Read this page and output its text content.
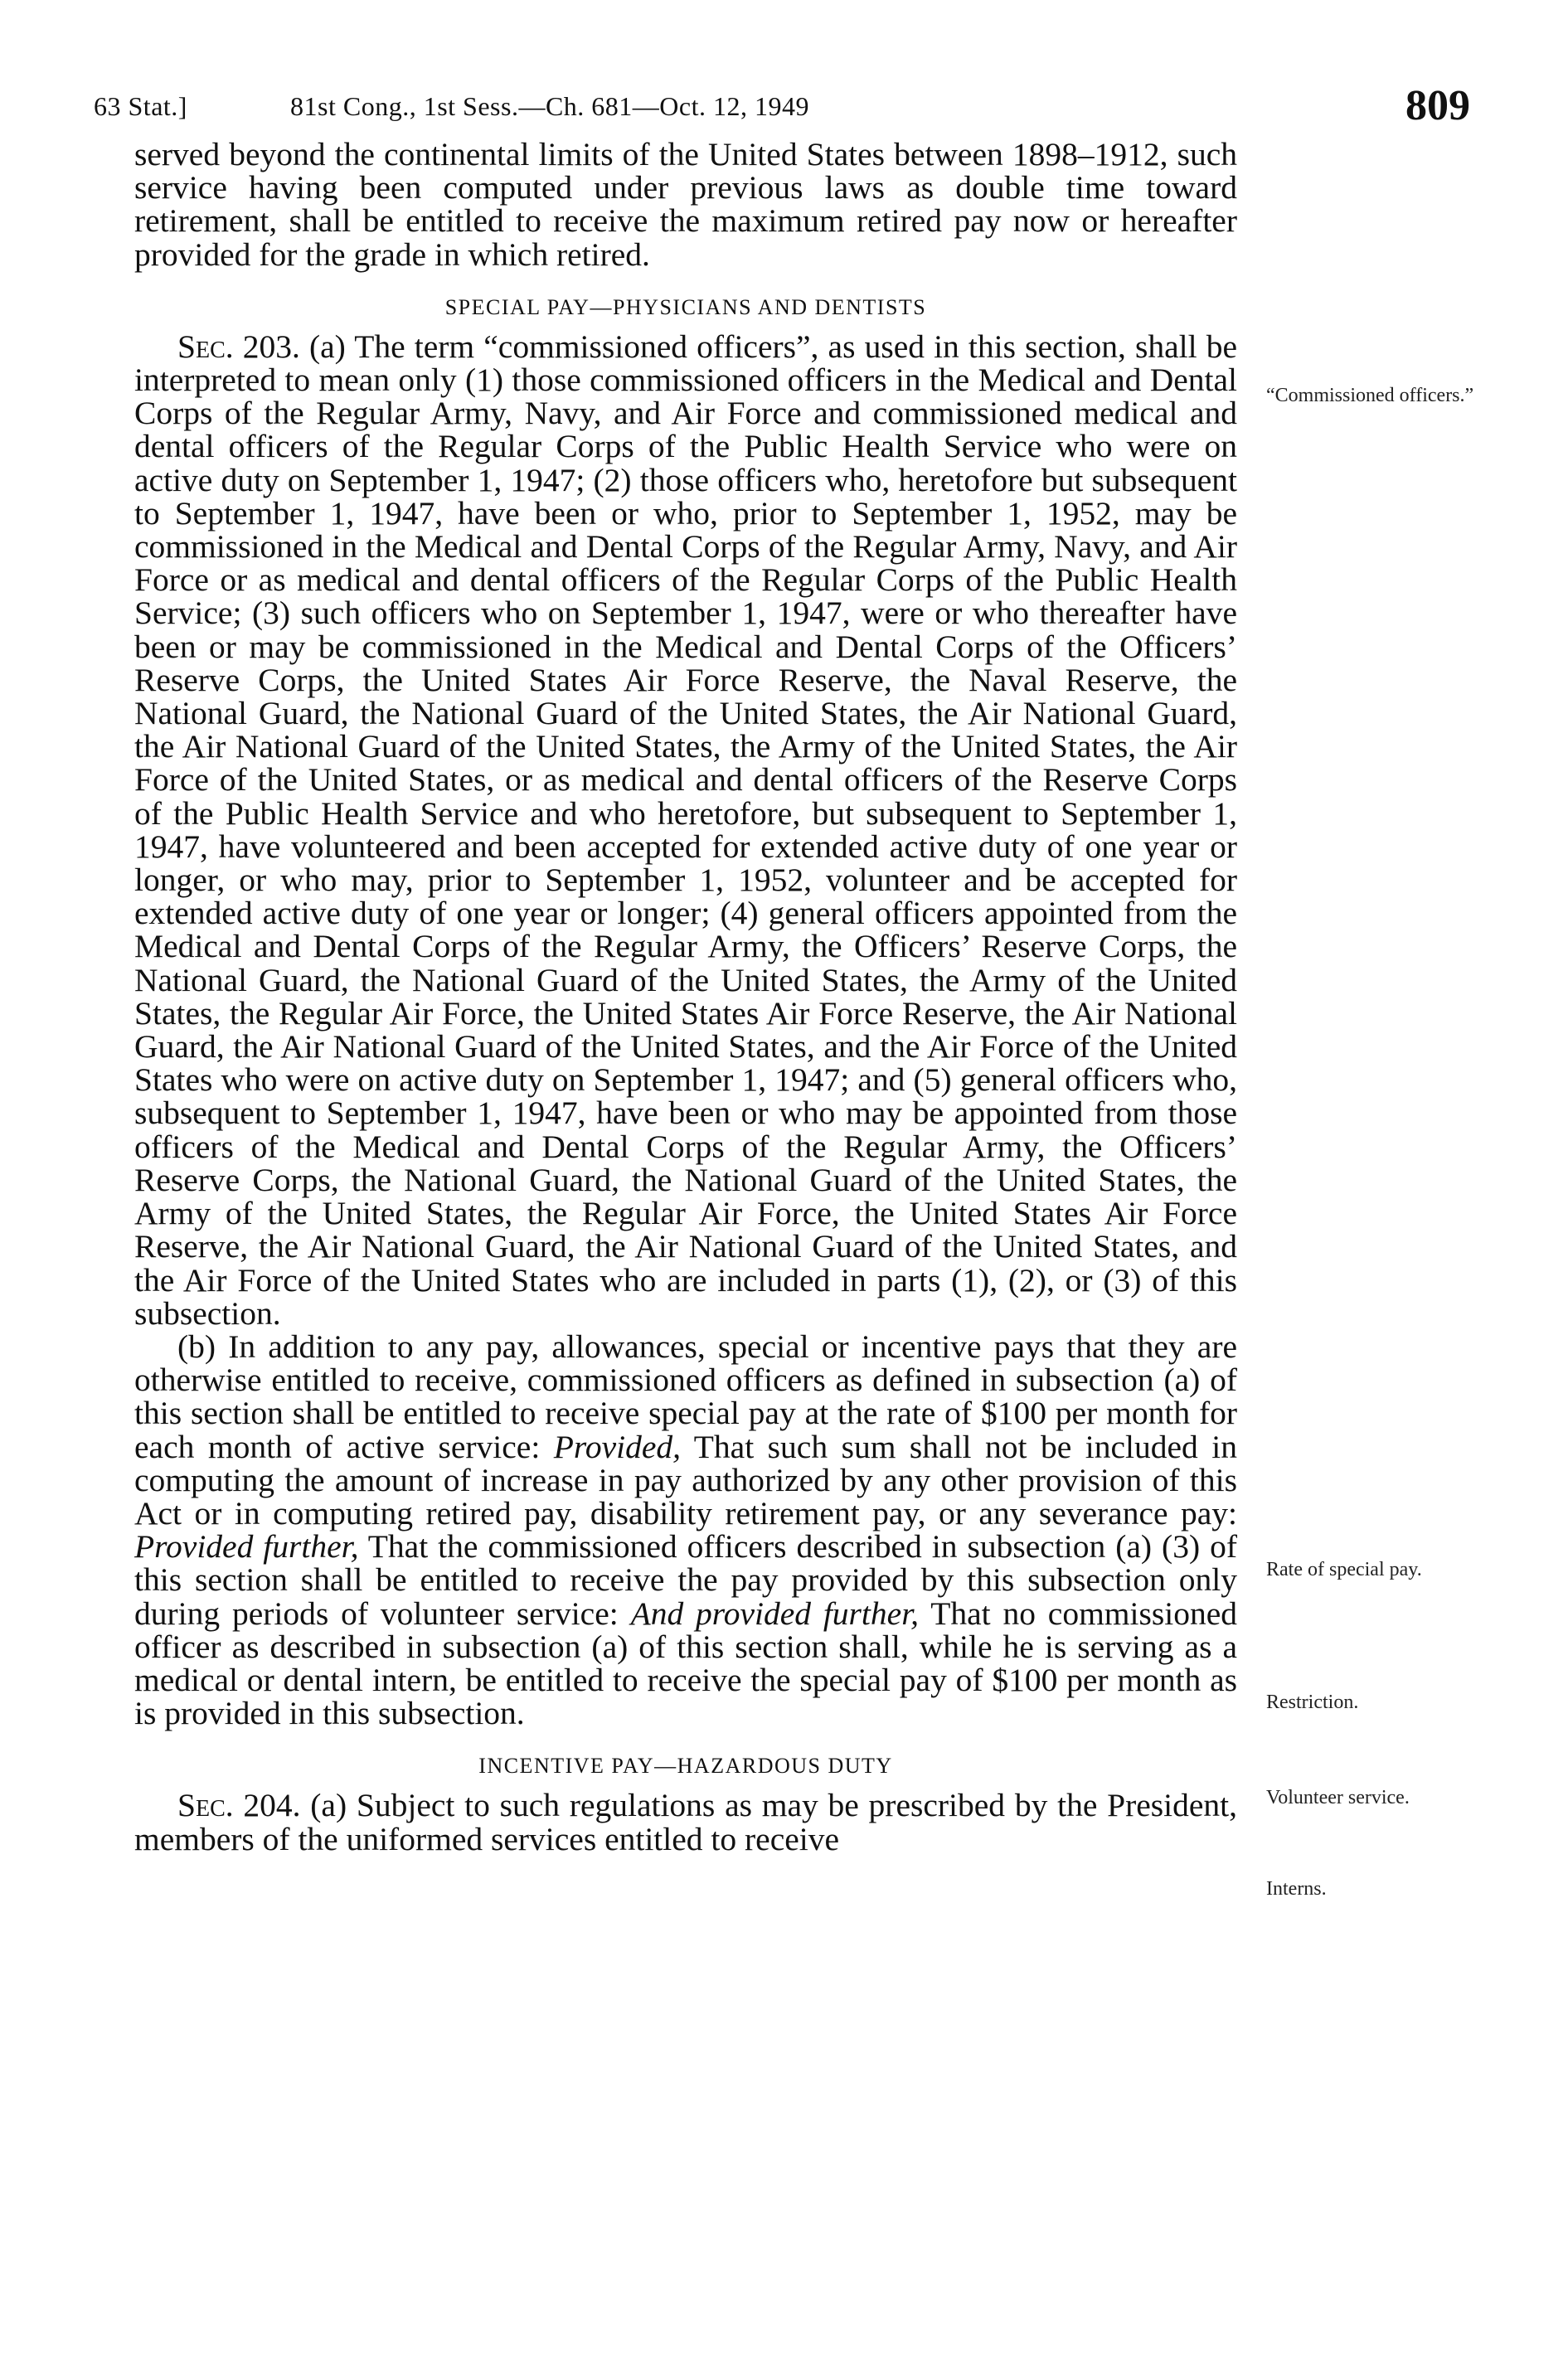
63 Stat.]	81st Cong., 1st Sess.—Ch. 681—Oct. 12, 1949	809

served beyond the continental limits of the United States between 1898–1912, such service having been computed under previous laws as double time toward retirement, shall be entitled to receive the maximum retired pay now or hereafter provided for the grade in which retired.

SPECIAL PAY—PHYSICIANS AND DENTISTS

Sec. 203. (a) The term “commissioned officers”, as used in this section, shall be interpreted to mean only (1) those commissioned officers in the Medical and Dental Corps of the Regular Army, Navy, and Air Force and commissioned medical and dental officers of the Regular Corps of the Public Health Service who were on active duty on September 1, 1947; (2) those officers who, heretofore but subsequent to September 1, 1947, have been or who, prior to September 1, 1952, may be commissioned in the Medical and Dental Corps of the Regular Army, Navy, and Air Force or as medical and dental officers of the Regular Corps of the Public Health Service; (3) such officers who on September 1, 1947, were or who thereafter have been or may be commissioned in the Medical and Dental Corps of the Officers’ Reserve Corps, the United States Air Force Reserve, the Naval Reserve, the National Guard, the National Guard of the United States, the Air National Guard, the Air National Guard of the United States, the Army of the United States, the Air Force of the United States, or as medical and dental officers of the Reserve Corps of the Public Health Service and who heretofore, but subsequent to September 1, 1947, have volunteered and been accepted for extended active duty of one year or longer, or who may, prior to September 1, 1952, volunteer and be accepted for extended active duty of one year or longer; (4) general officers appointed from the Medical and Dental Corps of the Regular Army, the Officers’ Reserve Corps, the National Guard, the National Guard of the United States, the Army of the United States, the Regular Air Force, the United States Air Force Reserve, the Air National Guard, the Air National Guard of the United States, and the Air Force of the United States who were on active duty on September 1, 1947; and (5) general officers who, subsequent to September 1, 1947, have been or who may be appointed from those officers of the Medical and Dental Corps of the Regular Army, the Officers’ Reserve Corps, the National Guard, the National Guard of the United States, the Army of the United States, the Regular Air Force, the United States Air Force Reserve, the Air National Guard, the Air National Guard of the United States, and the Air Force of the United States who are included in parts (1), (2), or (3) of this subsection.

(b) In addition to any pay, allowances, special or incentive pays that they are otherwise entitled to receive, commissioned officers as defined in subsection (a) of this section shall be entitled to receive special pay at the rate of $100 per month for each month of active service: Provided, That such sum shall not be included in computing the amount of increase in pay authorized by any other provision of this Act or in computing retired pay, disability retirement pay, or any severance pay: Provided further, That the commissioned officers described in subsection (a) (3) of this section shall be entitled to receive the pay provided by this subsection only during periods of volunteer service: And provided further, That no commissioned officer as described in subsection (a) of this section shall, while he is serving as a medical or dental intern, be entitled to receive the special pay of $100 per month as is provided in this subsection.

INCENTIVE PAY—HAZARDOUS DUTY

Sec. 204. (a) Subject to such regulations as may be prescribed by the President, members of the uniformed services entitled to receive

“Commissioned officers.”
Rate of special pay.
Restriction.
Volunteer service.
Interns.
